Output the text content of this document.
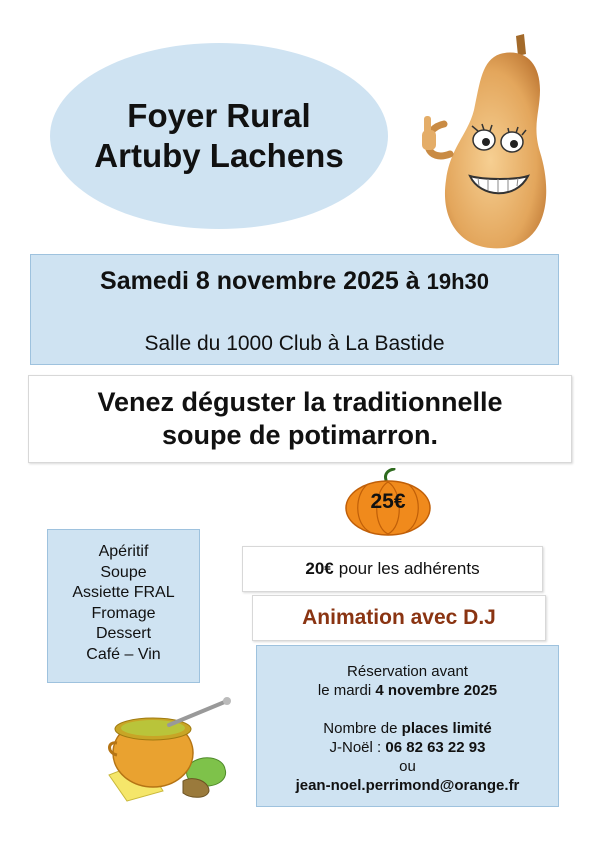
Foyer Rural
Artuby Lachens
Samedi 8 novembre 2025 à 19h30
Salle du 1000 Club à La Bastide
Venez déguster la traditionnelle
soupe de potimarron.
25€
Apéritif
Soupe
Assiette FRAL
Fromage
Dessert
Café – Vin
20€ pour les adhérents
Animation avec D.J
Réservation avant
le mardi 4 novembre 2025
Nombre de places limité
J-Noël : 06 82 63 22 93
ou
jean-noel.perrimond@orange.fr
